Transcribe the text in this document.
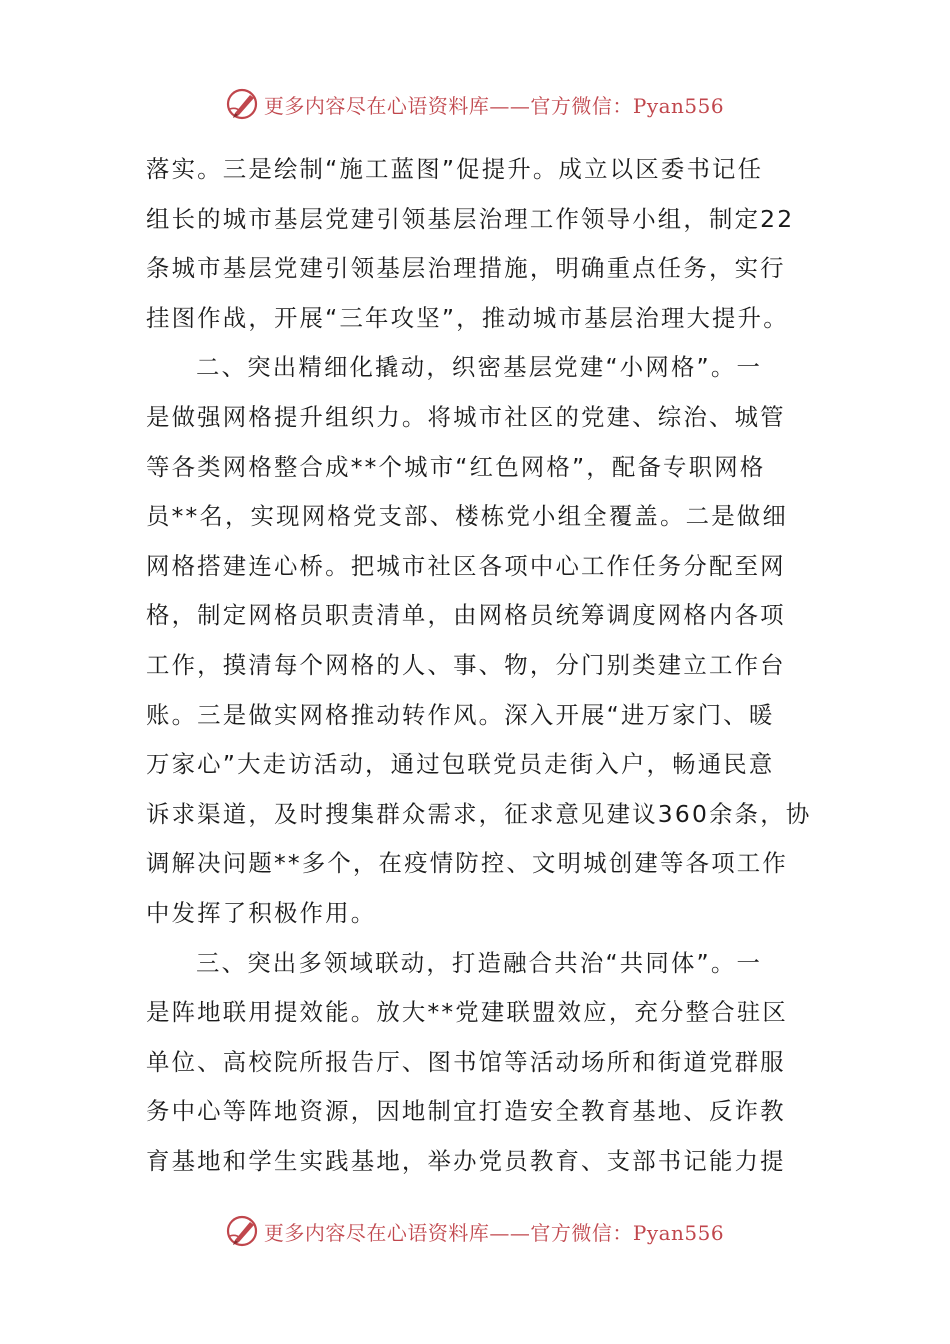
更多内容尽在心语资料库——官方微信：Pyan556
落实。三是绘制“施工蓝图”促提升。成立以区委书记任
组长的城市基层党建引领基层治理工作领导小组，制定22
条城市基层党建引领基层治理措施，明确重点任务，实行
挂图作战，开展“三年攻坚”，推动城市基层治理大提升。
二、突出精细化撬动，织密基层党建“小网格”。一
是做强网格提升组织力。将城市社区的党建、综治、城管
等各类网格整合成**个城市“红色网格”，配备专职网格
员**名，实现网格党支部、楼栋党小组全覆盖。二是做细
网格搭建连心桥。把城市社区各项中心工作任务分配至网
格，制定网格员职责清单，由网格员统筹调度网格内各项
工作，摸清每个网格的人、事、物，分门别类建立工作台
账。三是做实网格推动转作风。深入开展“进万家门、暖
万家心”大走访活动，通过包联党员走街入户，畅通民意
诉求渠道，及时搜集群众需求，征求意见建议360余条，协
调解决问题**多个，在疫情防控、文明城创建等各项工作
中发挥了积极作用。
三、突出多领域联动，打造融合共治“共同体”。一
是阵地联用提效能。放大**党建联盟效应，充分整合驻区
单位、高校院所报告厅、图书馆等活动场所和街道党群服
务中心等阵地资源，因地制宜打造安全教育基地、反诈教
育基地和学生实践基地，举办党员教育、支部书记能力提
更多内容尽在心语资料库——官方微信：Pyan556
